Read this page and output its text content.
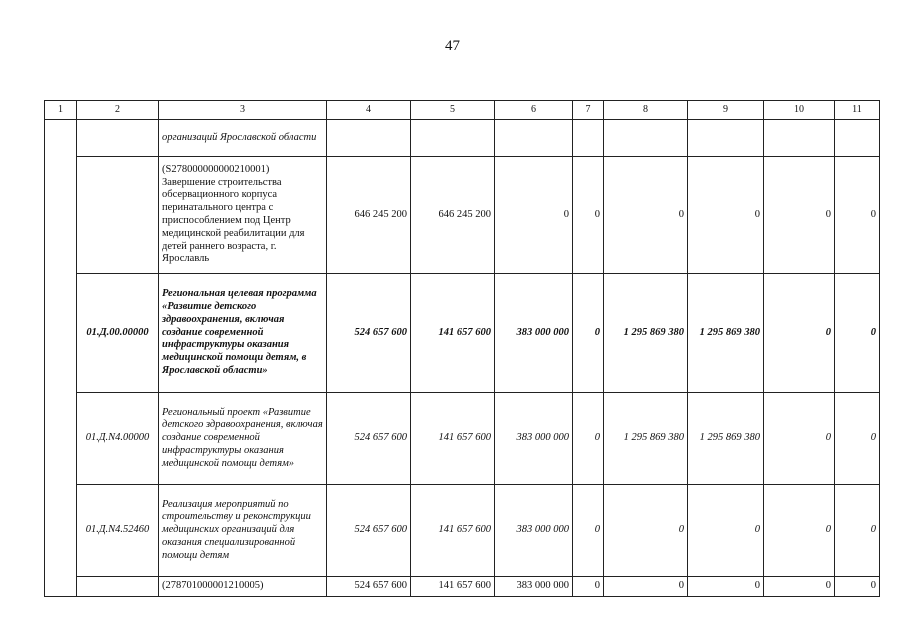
47
1	2	3	4	5	6	7	8	9	10	11
		организаций Ярославской области								
		(S278000000000210001) Завершение строительства обсервационного корпуса перинатального центра с приспособлением под Центр медицинской реабилитации для детей раннего возраста, г. Ярославль	646 245 200	646 245 200	0	0	0	0	0	0
	01.Д.00.00000	Региональная целевая программа «Развитие детского здравоохранения, включая создание современной инфраструктуры оказания медицинской помощи детям, в Ярославской области»	524 657 600	141 657 600	383 000 000	0	1 295 869 380	1 295 869 380	0	0
	01.Д.N4.00000	Региональный проект «Развитие детского здравоохранения, включая создание современной инфраструктуры оказания медицинской помощи детям»	524 657 600	141 657 600	383 000 000	0	1 295 869 380	1 295 869 380	0	0
	01.Д.N4.52460	Реализация мероприятий по строительству и реконструкции медицинских организаций для оказания специализированной помощи детям	524 657 600	141 657 600	383 000 000	0	0	0	0	0
		(278701000001210005)	524 657 600	141 657 600	383 000 000	0	0	0	0	0
